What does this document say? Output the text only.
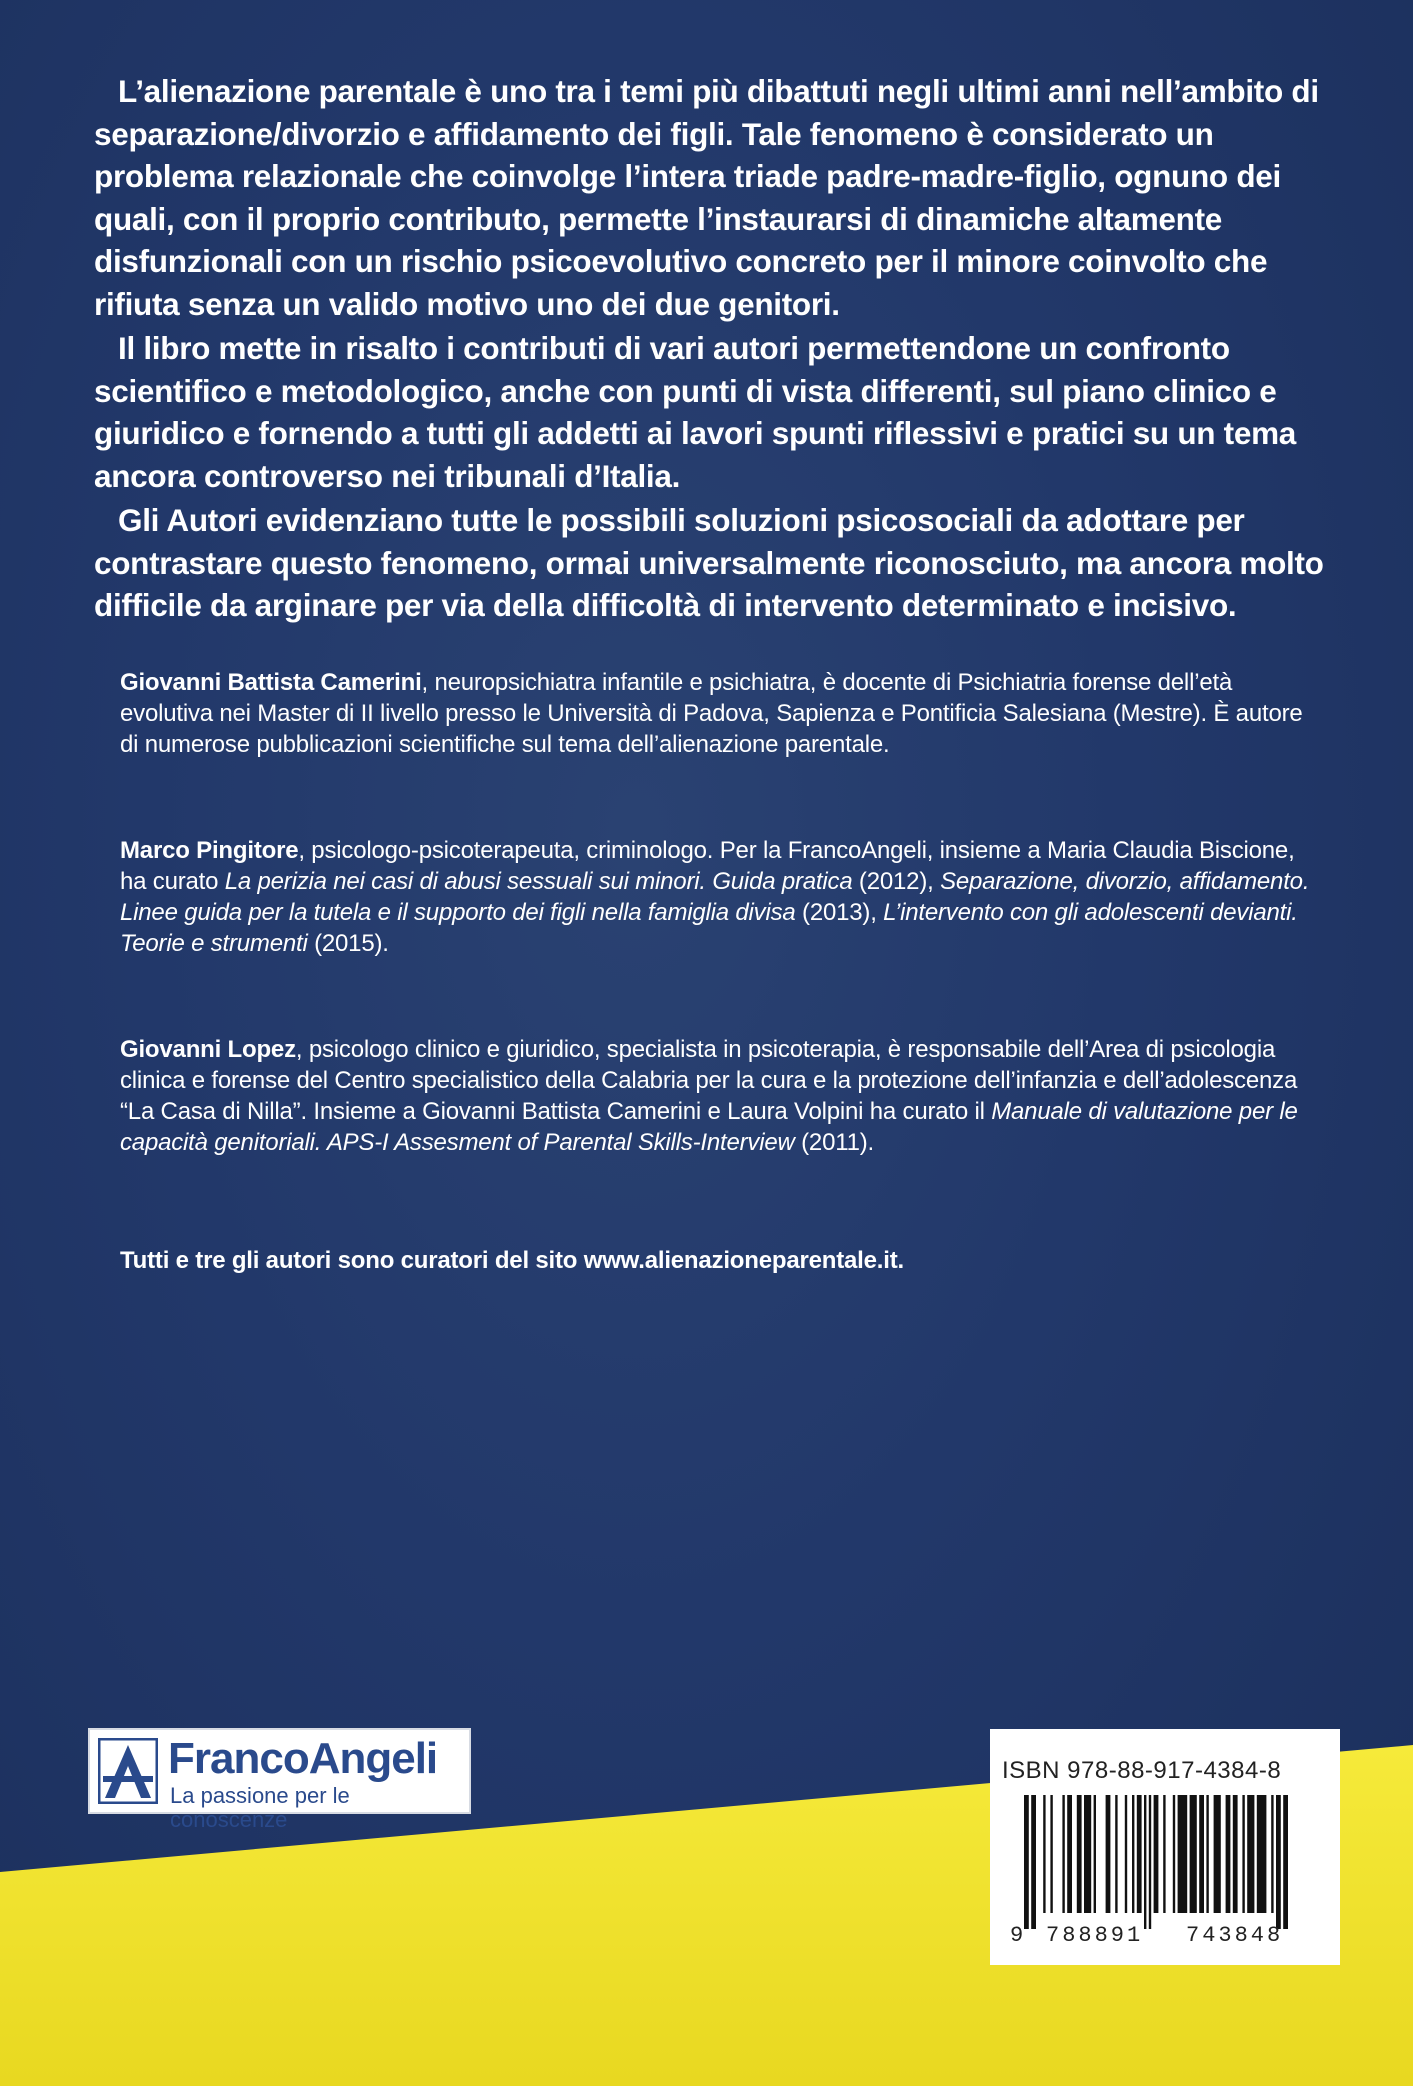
L’alienazione parentale è uno tra i temi più dibattuti negli ultimi anni nell’ambito di separazione/divorzio e affidamento dei figli. Tale fenomeno è considerato un problema relazionale che coinvolge l’intera triade padre-madre-figlio, ognuno dei quali, con il proprio contributo, permette l’instaurarsi di dinamiche altamente disfunzionali con un rischio psicoevolutivo concreto per il minore coinvolto che rifiuta senza un valido motivo uno dei due genitori.

Il libro mette in risalto i contributi di vari autori permettendone un confronto scientifico e metodologico, anche con punti di vista differenti, sul piano clinico e giuridico e fornendo a tutti gli addetti ai lavori spunti riflessivi e pratici su un tema ancora controverso nei tribunali d’Italia.

Gli Autori evidenziano tutte le possibili soluzioni psicosociali da adottare per contrastare questo fenomeno, ormai universalmente riconosciuto, ma ancora molto difficile da arginare per via della difficoltà di intervento determinato e incisivo.

Giovanni Battista Camerini, neuropsichiatra infantile e psichiatra, è docente di Psichiatria forense dell’età evolutiva nei Master di II livello presso le Università di Padova, Sapienza e Pontificia Salesiana (Mestre). È autore di numerose pubblicazioni scientifiche sul tema dell’alienazione parentale.

Marco Pingitore, psicologo-psicoterapeuta, criminologo. Per la FrancoAngeli, insieme a Maria Claudia Biscione, ha curato La perizia nei casi di abusi sessuali sui minori. Guida pratica (2012), Separazione, divorzio, affidamento. Linee guida per la tutela e il supporto dei figli nella famiglia divisa (2013), L’intervento con gli adolescenti devianti. Teorie e strumenti (2015).

Giovanni Lopez, psicologo clinico e giuridico, specialista in psicoterapia, è responsabile dell’Area di psicologia clinica e forense del Centro specialistico della Calabria per la cura e la protezione dell’infanzia e dell’adolescenza “La Casa di Nilla”. Insieme a Giovanni Battista Camerini e Laura Volpini ha curato il Manuale di valutazione per le capacità genitoriali. APS-I Assesment of Parental Skills-Interview (2011).

Tutti e tre gli autori sono curatori del sito www.alienazioneparentale.it.

FrancoAngeli
La passione per le conoscenze
ISBN 978-88-917-4384-8
9 788891 743848
